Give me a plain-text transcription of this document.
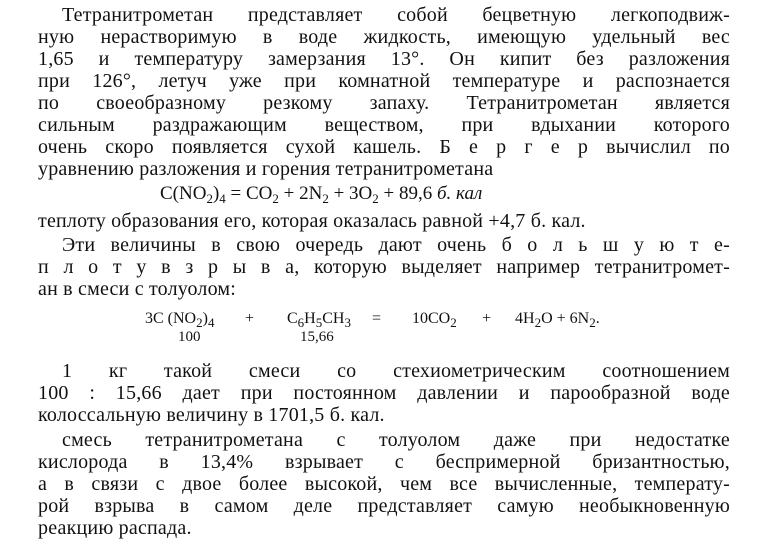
Тетранитрометан представляет собой бецветную легкоподвиж-
ную нерастворимую в воде жидкость, имеющую удельный вес
1,65 и температуру замерзания 13°. Он кипит без разложения
при 126°, летуч уже при комнатной температуре и распознается
по своеобразному резкому запаху. Тетранитрометан является
сильным раздражающим веществом, при вдыхании которого
очень скоро появляется сухой кашель. Б е р г е р вычислил по
уравнению разложения и горения тетранитрометана
$C(NO_2)_4 = CO_2 + 2N_2 + 3O_2 + 89,6$ б. кал
теплоту образования его, которая оказалась равной +4,7 б. кал.
Эти величины в свою очередь дают очень б о л ь ш у ю т е-
п л о т у в з р ы в а, которую выделяет например тетранитромет-
ан в смеси с толуолом:
3C $(NO_2)_4$
100
+ $C_6H_5CH_3$
15,66
= $10CO_2 + 4H_2O + 6N_2$.
1 кг такой смеси со стехиометрическим соотношением
100 : 15,66 дает при постоянном давлении и парообразной воде
колоссальную величину в 1701,5 б. кал.
смесь тетранитрометана с толуолом даже при недостатке
кислорода в 13,4% взрывает с беспримерной бризантностью,
а в связи с двое более высокой, чем все вычисленные, температу-
рой взрыва в самом деле представляет самую необыкновенную
реакцию распада.
